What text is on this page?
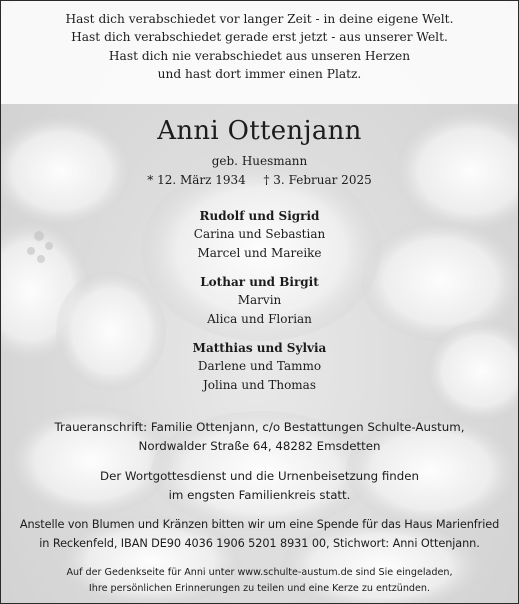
Hast dich verabschiedet vor langer Zeit - in deine eigene Welt.
Hast dich verabschiedet gerade erst jetzt - aus unserer Welt.
Hast dich nie verabschiedet aus unseren Herzen
und hast dort immer einen Platz.
Anni Ottenjann
geb. Huesmann
* 12. März 1934 † 3. Februar 2025
Rudolf und Sigrid
Carina und Sebastian
Marcel und Mareike
Lothar und Birgit
Marvin
Alica und Florian
Matthias und Sylvia
Darlene und Tammo
Jolina und Thomas
Traueranschrift: Familie Ottenjann, c/o Bestattungen Schulte-Austum,
Nordwalder Straße 64, 48282 Emsdetten
Der Wortgottesdienst und die Urnenbeisetzung finden
im engsten Familienkreis statt.
Anstelle von Blumen und Kränzen bitten wir um eine Spende für das Haus Marienfried
in Reckenfeld, IBAN DE90 4036 1906 5201 8931 00, Stichwort: Anni Ottenjann.
Auf der Gedenkseite für Anni unter www.schulte-austum.de sind Sie eingeladen,
Ihre persönlichen Erinnerungen zu teilen und eine Kerze zu entzünden.
